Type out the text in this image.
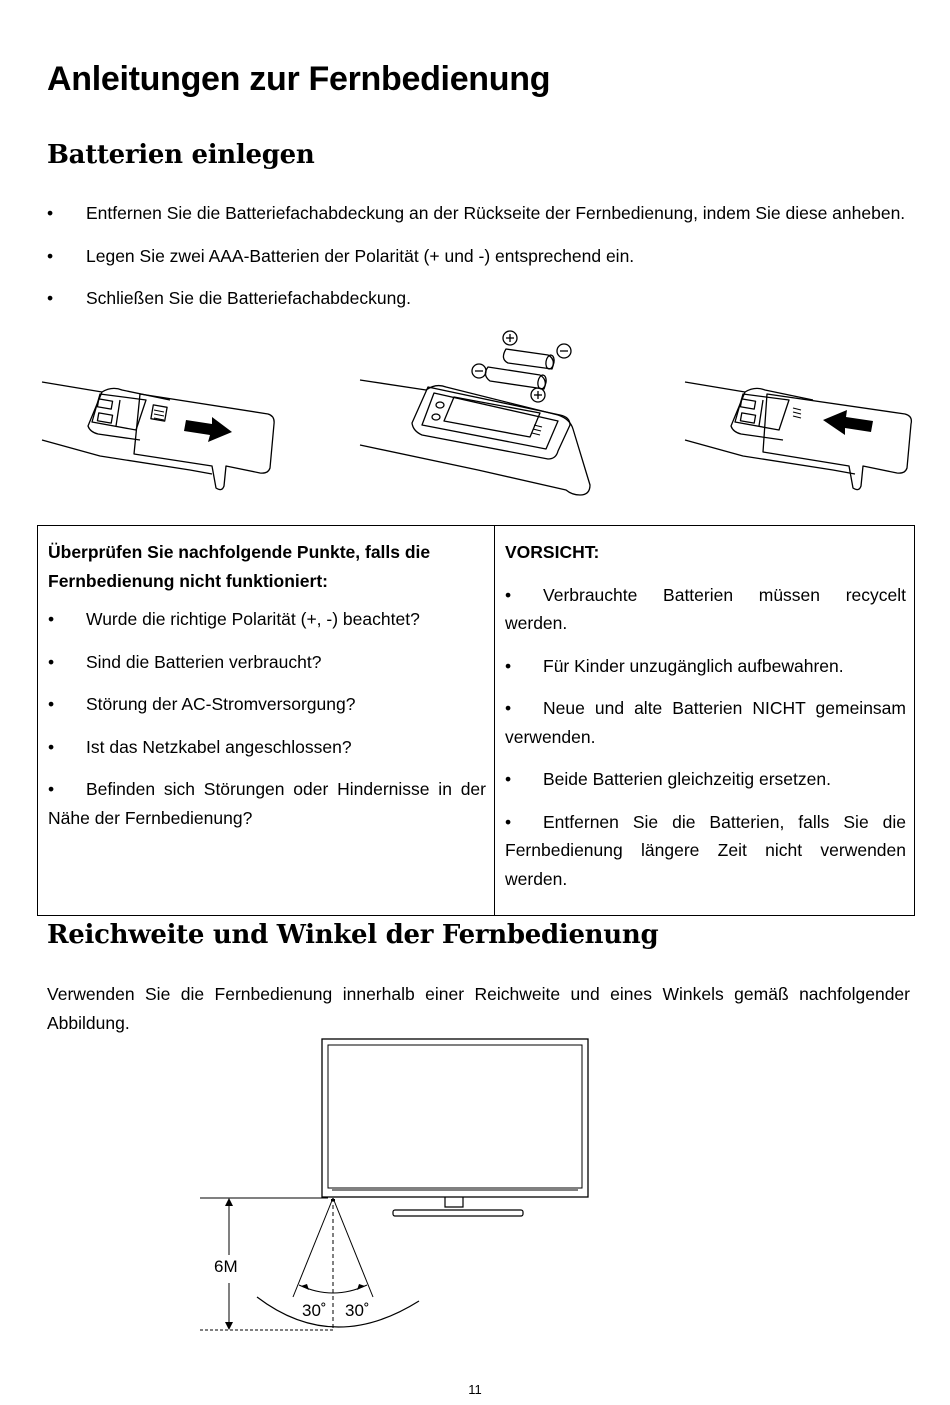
Anleitungen zur Fernbedienung
Batterien einlegen
• Entfernen Sie die Batteriefachabdeckung an der Rückseite der Fernbedienung, indem Sie diese anheben.
• Legen Sie zwei AAA-Batterien der Polarität (+ und -) entsprechend ein.
• Schließen Sie die Batteriefachabdeckung.

Überprüfen Sie nachfolgende Punkte, falls die Fernbedienung nicht funktioniert:

• Wurde die richtige Polarität (+, -) beachtet?
• Sind die Batterien verbraucht?
• Störung der AC-Stromversorgung?
• Ist das Netzkabel angeschlossen?
• Befinden sich Störungen oder Hindernisse in der Nähe der Fernbedienung?

VORSICHT:

• Verbrauchte Batterien müssen recycelt werden.
• Für Kinder unzugänglich aufbewahren.
• Neue und alte Batterien NICHT gemeinsam verwenden.
• Beide Batterien gleichzeitig ersetzen.
• Entfernen Sie die Batterien, falls Sie die Fernbedienung längere Zeit nicht verwenden werden.
Reichweite und Winkel der Fernbedienung

Verwenden Sie die Fernbedienung innerhalb einer Reichweite und eines Winkels gemäß nachfolgender Abbildung.

6M
30˚ 30˚
11
